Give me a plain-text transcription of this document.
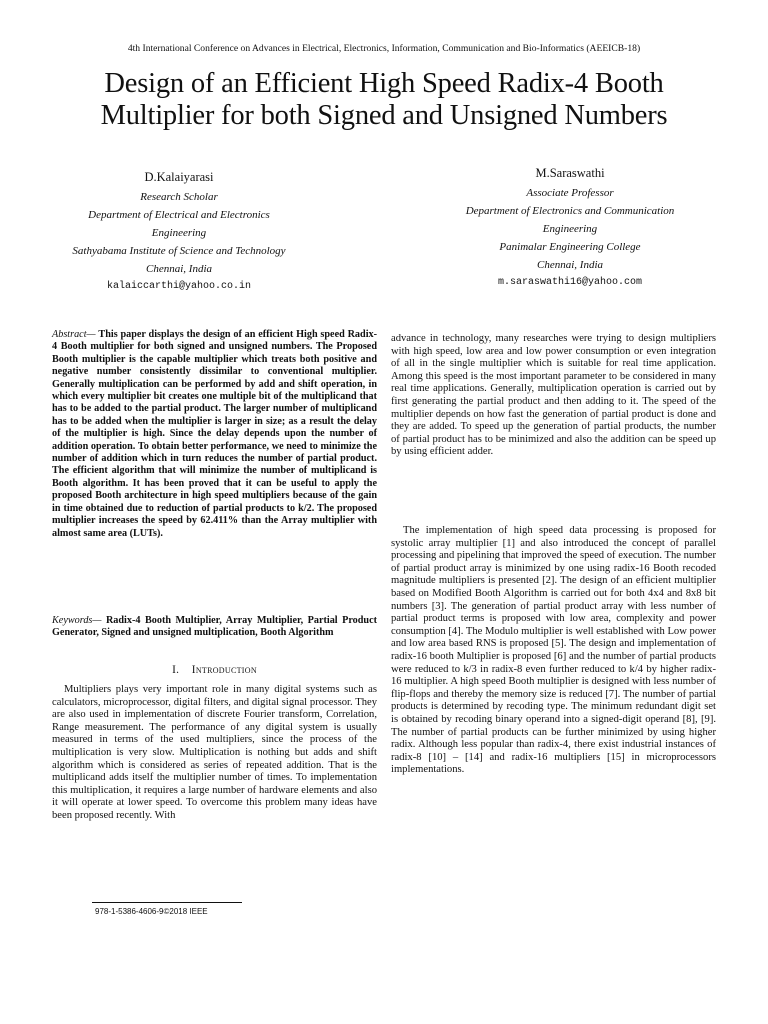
4th International Conference on Advances in Electrical, Electronics, Information, Communication and Bio-Informatics (AEEICB-18)
Design of an Efficient High Speed Radix-4 Booth
Multiplier for both Signed and Unsigned Numbers
D.Kalaiyarasi
Research Scholar
Department of Electrical and Electronics
Engineering
Sathyabama Institute of Science and Technology
Chennai, India
kalaiccarthi@yahoo.co.in
M.Saraswathi
Associate Professor
Department of Electronics and Communication
Engineering
Panimalar Engineering College
Chennai, India
m.saraswathi16@yahoo.com
Abstract— This paper displays the design of an efficient High speed Radix-4 Booth multiplier for both signed and unsigned numbers. The Proposed Booth multiplier is the capable multiplier which treats both positive and negative number consistently dissimilar to conventional multiplier. Generally multiplication can be performed by add and shift operation, in which every multiplier bit creates one multiple bit of the multiplicand that has to be added to the partial product. The larger number of multiplicand has to be added when the multiplier is larger in size; as a result the delay of the multiplier is high. Since the delay depends upon the number of addition operation. To obtain better performance, we need to minimize the number of addition which in turn reduces the number of partial product. The efficient algorithm that will minimize the number of multiplicand is Booth algorithm. It has been proved that it can be useful to apply the proposed Booth architecture in high speed multipliers because of the gain in time obtained due to reduction of partial products to k/2. The proposed multiplier increases the speed by 62.411% than the Array multiplier with almost same area (LUTs).
Keywords— Radix-4 Booth Multiplier, Array Multiplier, Partial Product Generator, Signed and unsigned multiplication, Booth Algorithm
I. Introduction
Multipliers plays very important role in many digital systems such as calculators, microprocessor, digital filters, and digital signal processor. They are also used in implementation of discrete Fourier transform, Correlation, Range measurement. The performance of any digital system is usually measured in terms of the used multipliers, since the process of the multiplication is very slow. Multiplication is nothing but adds and shift algorithm which is considered as series of repeated addition. That is the multiplicand adds itself the multiplier number of times. To implementation this multiplication, it requires a large number of hardware elements and also it will operate at lower speed. To overcome this problem many ideas have been proposed recently. With
advance in technology, many researches were trying to design multipliers with high speed, low area and low power consumption or even integration of all in the single multiplier which is suitable for real time application. Among this speed is the most important parameter to be considered in many real time applications. Generally, multiplication operation is carried out by first generating the partial product and then adding to it. The speed of the multiplier depends on how fast the generation of partial product is done and they are added. To speed up the generation of partial products, the number of partial product has to be minimized and also the addition can be speed up by using efficient adder.
The implementation of high speed data processing is proposed for systolic array multiplier [1] and also introduced the concept of parallel processing and pipelining that improved the speed of execution. The number of partial product array is minimized by one using radix-16 Booth recoded magnitude multipliers is presented [2]. The design of an efficient multiplier based on Modified Booth Algorithm is carried out for both 4x4 and 8x8 bit numbers [3]. The generation of partial product array with less number of partial product terms is proposed with low area, complexity and power consumption [4]. The Modulo multiplier is well established with Low power and low area based RNS is proposed [5]. The design and implementation of radix-16 booth Multiplier is proposed [6] and the number of partial products were reduced to k/3 in radix-8 even further reduced to k/4 by higher radix-16 multiplier. A high speed Booth multiplier is designed with less number of flip-flops and thereby the memory size is reduced [7]. The number of partial products is determined by recoding type. The minimum redundant digit set is obtained by recoding binary operand into a signed-digit operand [8], [9]. The number of partial products can be further minimized by using higher radix. Although less popular than radix-4, there exist industrial instances of radix-8 [10] – [14] and radix-16 multipliers [15] in microprocessors implementations.
978-1-5386-4606-9©2018 IEEE
